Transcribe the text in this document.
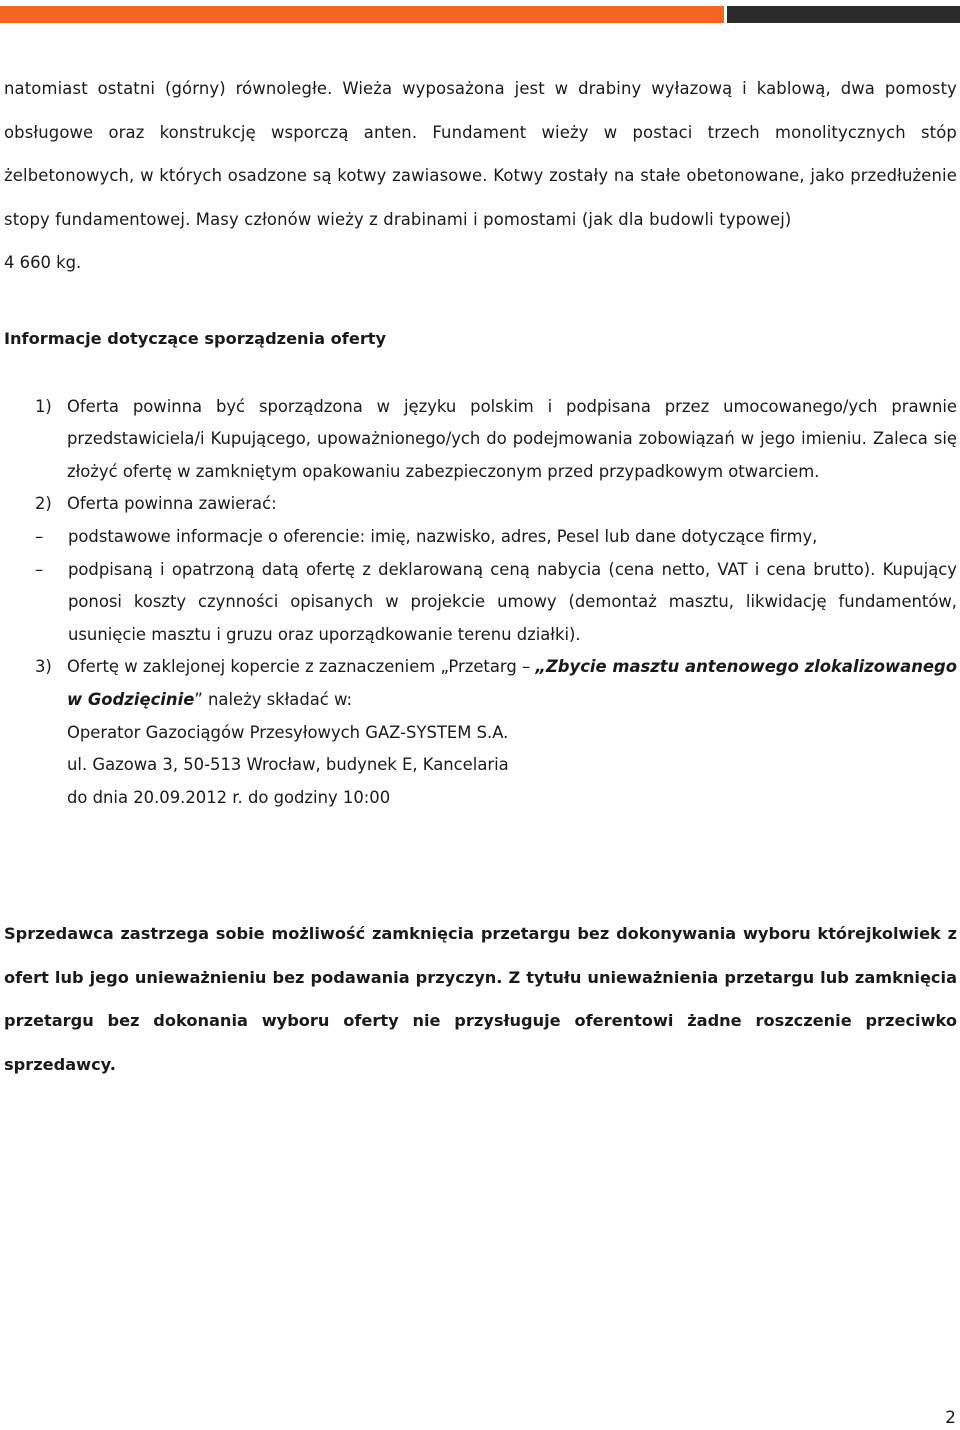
natomiast ostatni (górny) równoległe. Wieża wyposażona jest w drabiny wyłazową i kablową, dwa pomosty obsługowe oraz konstrukcję wsporczą anten. Fundament wieży w postaci trzech monolitycznych stóp żelbetonowych, w których osadzone są kotwy zawiasowe. Kotwy zostały na stałe obetonowane, jako przedłużenie stopy fundamentowej. Masy członów wieży z drabinami i pomostami (jak dla budowli typowej)

4 660 kg.

Informacje dotyczące sporządzenia oferty

1) Oferta powinna być sporządzona w języku polskim i podpisana przez umocowanego/ych prawnie przedstawiciela/i Kupującego, upoważnionego/ych do podejmowania zobowiązań w jego imieniu. Zaleca się złożyć ofertę w zamkniętym opakowaniu zabezpieczonym przed przypadkowym otwarciem.
2) Oferta powinna zawierać:
– podstawowe informacje o oferencie: imię, nazwisko, adres, Pesel lub dane dotyczące firmy,
– podpisaną i opatrzoną datą ofertę z deklarowaną ceną nabycia (cena netto, VAT i cena brutto). Kupujący ponosi koszty czynności opisanych w projekcie umowy (demontaż masztu, likwidację fundamentów, usunięcie masztu i gruzu oraz uporządkowanie terenu działki).
3) Ofertę w zaklejonej kopercie z zaznaczeniem „Przetarg – „Zbycie masztu antenowego zlokalizowanego w Godzięcinie” należy składać w:
Operator Gazociągów Przesyłowych GAZ-SYSTEM S.A.
ul. Gazowa 3, 50-513 Wrocław, budynek E, Kancelaria
do dnia 20.09.2012 r. do godziny 10:00

Sprzedawca zastrzega sobie możliwość zamknięcia przetargu bez dokonywania wyboru którejkolwiek z ofert lub jego unieważnieniu bez podawania przyczyn. Z tytułu unieważnienia przetargu lub zamknięcia przetargu bez dokonania wyboru oferty nie przysługuje oferentowi żadne roszczenie przeciwko sprzedawcy.

2
